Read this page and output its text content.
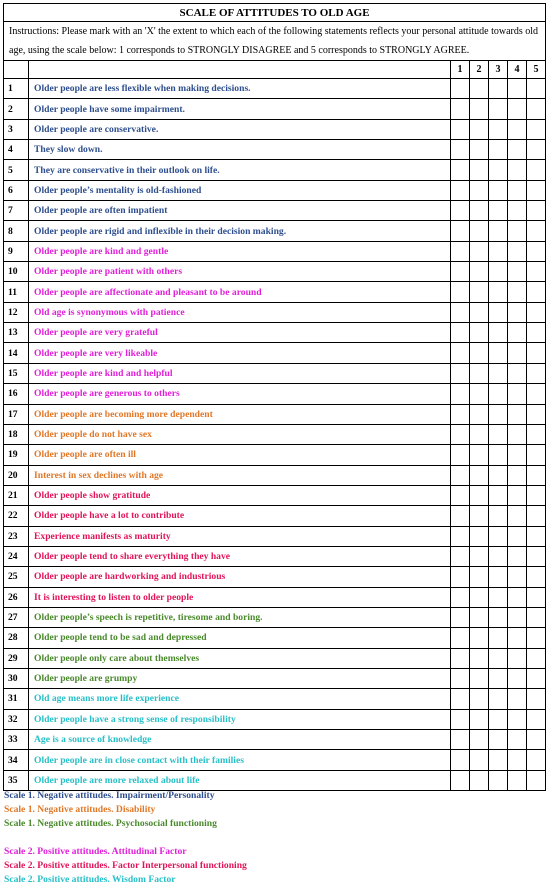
SCALE OF ATTITUDES TO OLD AGE						
Instructions: Please mark with an 'X' the extent to which each of the following statements reflects your personal attitude towards old age, using the scale below: 1 corresponds to STRONGLY DISAGREE and 5 corresponds to STRONGLY AGREE.						
		1	2	3	4	5
1	Older people are less flexible when making decisions.					
2	Older people have some impairment.					
3	Older people are conservative.					
4	They slow down.					
5	They are conservative in their outlook on life.					
6	Older people’s mentality is old-fashioned					
7	Older people are often impatient					
8	Older people are rigid and inflexible in their decision making.					
9	Older people are kind and gentle					
10	Older people are patient with others					
11	Older people are affectionate and pleasant to be around					
12	Old age is synonymous with patience					
13	Older people are very grateful					
14	Older people are very likeable					
15	Older people are kind and helpful					
16	Older people are generous to others					
17	Older people are becoming more dependent					
18	Older people do not have sex					
19	Older people are often ill					
20	Interest in sex declines with age					
21	Older people show gratitude					
22	Older people have a lot to contribute					
23	Experience manifests as maturity					
24	Older people tend to share everything they have					
25	Older people are hardworking and industrious					
26	It is interesting to listen to older people					
27	Older people’s speech is repetitive, tiresome and boring.					
28	Older people tend to be sad and depressed					
29	Older people only care about themselves					
30	Older people are grumpy					
31	Old age means more life experience					
32	Older people have a strong sense of responsibility					
33	Age is a source of knowledge					
34	Older people are in close contact with their families					
35	Older people are more relaxed about life					
Scale 1. Negative attitudes. Impairment/Personality
Scale 1. Negative attitudes. Disability
Scale 1. Negative attitudes. Psychosocial functioning
Scale 2. Positive attitudes. Attitudinal Factor
Scale 2. Positive attitudes. Factor Interpersonal functioning
Scale 2. Positive attitudes. Wisdom Factor
